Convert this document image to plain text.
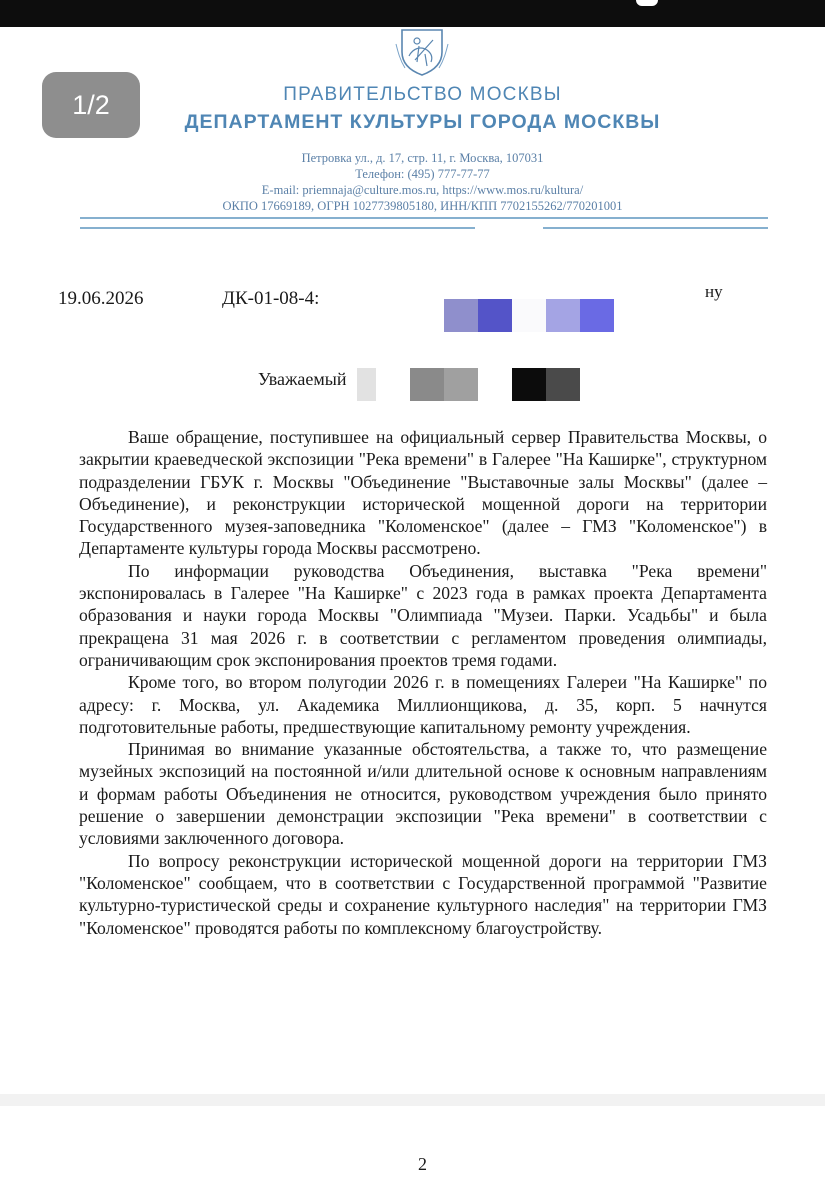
1/2	ПРАВИТЕЛЬСТВО МОСКВЫ
ДЕПАРТАМЕНТ КУЛЬТУРЫ ГОРОДА МОСКВЫ
Петровка ул., д. 17, стр. 11, г. Москва, 107031
Телефон: (495) 777-77-77
E-mail: priemnaja@culture.mos.ru, https://www.mos.ru/kultura/
ОКПО 17669189, ОГРН 1027739805180, ИНН/КПП 7702155262/770201001
19.06.2026	ДК-01-08-4:	ну
Уважаемый

Ваше обращение, поступившее на официальный сервер Правительства Москвы, о закрытии краеведческой экспозиции "Река времени" в Галерее "На Каширке", структурном подразделении ГБУК г. Москвы "Объединение "Выставочные залы Москвы" (далее – Объединение), и реконструкции исторической мощенной дороги на территории Государственного музея-заповедника "Коломенское" (далее – ГМЗ "Коломенское") в Департаменте культуры города Москвы рассмотрено.

По информации руководства Объединения, выставка "Река времени" экспонировалась в Галерее "На Каширке" с 2023 года в рамках проекта Департамента образования и науки города Москвы "Олимпиада "Музеи. Парки. Усадьбы" и была прекращена 31 мая 2026 г. в соответствии с регламентом проведения олимпиады, ограничивающим срок экспонирования проектов тремя годами.

Кроме того, во втором полугодии 2026 г. в помещениях Галереи "На Каширке" по адресу: г. Москва, ул. Академика Миллионщикова, д. 35, корп. 5 начнутся подготовительные работы, предшествующие капитальному ремонту учреждения.

Принимая во внимание указанные обстоятельства, а также то, что размещение музейных экспозиций на постоянной и/или длительной основе к основным направлениям и формам работы Объединения не относится, руководством учреждения было принято решение о завершении демонстрации экспозиции "Река времени" в соответствии с условиями заключенного договора.

По вопросу реконструкции исторической мощенной дороги на территории ГМЗ "Коломенское" сообщаем, что в соответствии с Государственной программой "Развитие культурно-туристической среды и сохранение культурного наследия" на территории ГМЗ "Коломенское" проводятся работы по комплексному благоустройству.

2
